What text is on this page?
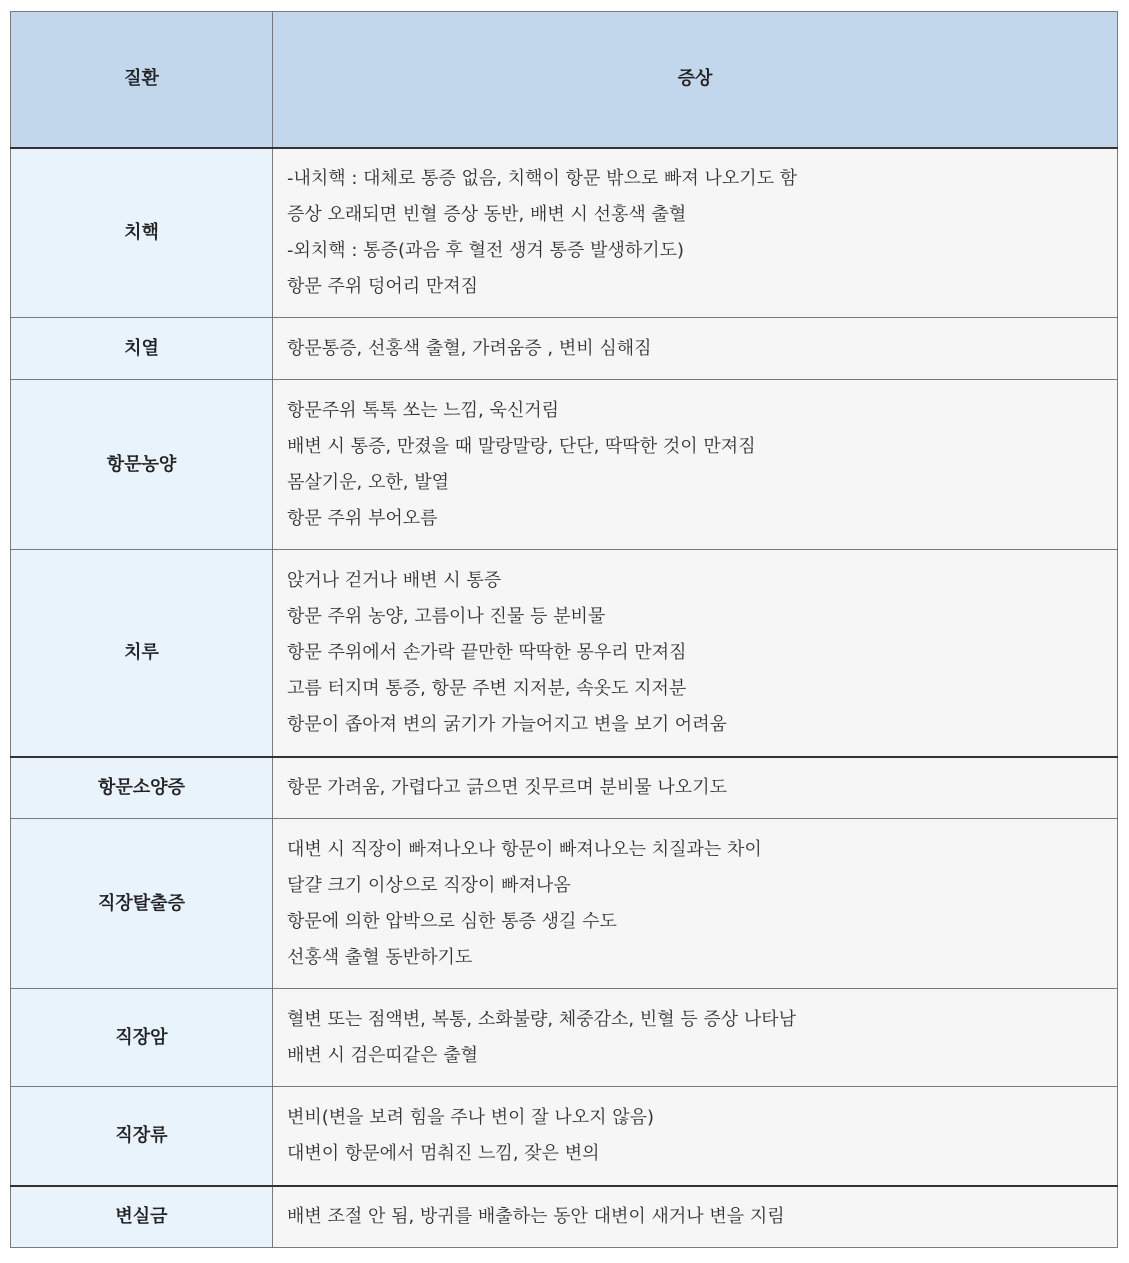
질환	증상
치핵	-내치핵 : 대체로 통증 없음, 치핵이 항문 밖으로 빠져 나오기도 함
증상 오래되면 빈혈 증상 동반, 배변 시 선홍색 출혈
-외치핵 : 통증(과음 후 혈전 생겨 통증 발생하기도)
항문 주위 덩어리 만져짐

치열	항문통증, 선홍색 출혈, 가려움증 , 변비 심해짐

항문농양	항문주위 톡톡 쏘는 느낌, 욱신거림
배변 시 통증, 만졌을 때 말랑말랑, 단단, 딱딱한 것이 만져짐
몸살기운, 오한, 발열
항문 주위 부어오름

치루	앉거나 걷거나 배변 시 통증
항문 주위 농양, 고름이나 진물 등 분비물
항문 주위에서 손가락 끝만한 딱딱한 몽우리 만져짐
고름 터지며 통증, 항문 주변 지저분, 속옷도 지저분
항문이 좁아져 변의 굵기가 가늘어지고 변을 보기 어려움

항문소양증	항문 가려움, 가렵다고 긁으면 짓무르며 분비물 나오기도

직장탈출증	대변 시 직장이 빠져나오나 항문이 빠져나오는 치질과는 차이
달걀 크기 이상으로 직장이 빠져나옴
항문에 의한 압박으로 심한 통증 생길 수도
선홍색 출혈 동반하기도

직장암	혈변 또는 점액변, 복통, 소화불량, 체중감소, 빈혈 등 증상 나타남
배변 시 검은띠같은 출혈

직장류	변비(변을 보려 힘을 주나 변이 잘 나오지 않음)
대변이 항문에서 멈춰진 느낌, 잦은 변의

변실금	배변 조절 안 됨, 방귀를 배출하는 동안 대변이 새거나 변을 지림
